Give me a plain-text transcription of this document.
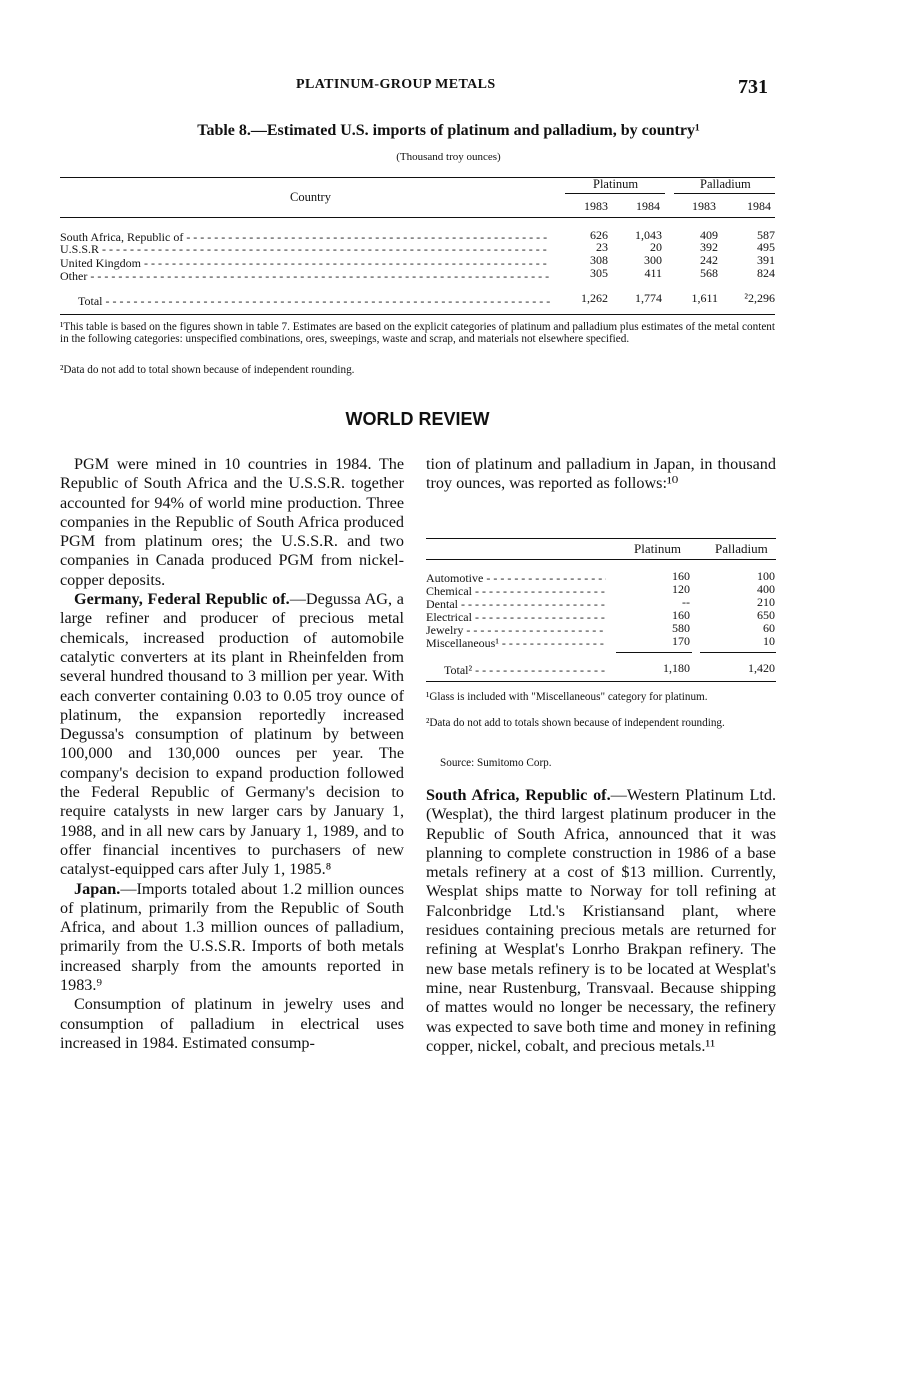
PLATINUM-GROUP METALS	731
Table 8.—Estimated U.S. imports of platinum and palladium, by country¹
(Thousand troy ounces)
Country
Platinum	Palladium
1983	1984	1983	1984
South Africa, Republic of - - -	626	1,043	409	587
U.S.S.R - - -	23	20	392	495
United Kingdom - - -	308	300	242	391
Other - - -	305	411	568	824
Total - - -	1,262	1,774	1,611	²2,296
¹This table is based on the figures shown in table 7. Estimates are based on the explicit categories of platinum and palladium plus estimates of the metal content in the following categories: unspecified combinations, ores, sweepings, waste and scrap, and materials not elsewhere specified.
²Data do not add to total shown because of independent rounding.
WORLD REVIEW

PGM were mined in 10 countries in 1984. The Republic of South Africa and the U.S.S.R. together accounted for 94% of world mine production. Three companies in the Republic of South Africa produced PGM from platinum ores; the U.S.S.R. and two companies in Canada produced PGM from nickel-copper deposits.

Germany, Federal Republic of.—Degussa AG, a large refiner and producer of precious metal chemicals, increased production of automobile catalytic converters at its plant in Rheinfelden from several hundred thousand to 3 million per year. With each converter containing 0.03 to 0.05 troy ounce of platinum, the expansion reportedly increased Degussa's consumption of platinum by between 100,000 and 130,000 ounces per year. The company's decision to expand production followed the Federal Republic of Germany's decision to require catalysts in new larger cars by January 1, 1988, and in all new cars by January 1, 1989, and to offer financial incentives to purchasers of new catalyst-equipped cars after July 1, 1985.⁸

Japan.—Imports totaled about 1.2 million ounces of platinum, primarily from the Republic of South Africa, and about 1.3 million ounces of palladium, primarily from the U.S.S.R. Imports of both metals increased sharply from the amounts reported in 1983.⁹

Consumption of platinum in jewelry uses and consumption of palladium in electrical uses increased in 1984. Estimated consump-

tion of platinum and palladium in Japan, in thousand troy ounces, was reported as follows:¹⁰

Platinum	Palladium
Automotive - - -	160	100
Chemical - - -	120	400
Dental - - -	--	210
Electrical - - -	160	650
Jewelry - - -	580	60
Miscellaneous¹ - - -	170	10
Total² - - -	1,180	1,420
¹Glass is included with "Miscellaneous" category for platinum.
²Data do not add to totals shown because of independent rounding.
Source: Sumitomo Corp.

South Africa, Republic of.—Western Platinum Ltd. (Wesplat), the third largest platinum producer in the Republic of South Africa, announced that it was planning to complete construction in 1986 of a base metals refinery at a cost of $13 million. Currently, Wesplat ships matte to Norway for toll refining at Falconbridge Ltd.'s Kristiansand plant, where residues containing precious metals are returned for refining at Wesplat's Lonrho Brakpan refinery. The new base metals refinery is to be located at Wesplat's mine, near Rustenburg, Transvaal. Because shipping of mattes would no longer be necessary, the refinery was expected to save both time and money in refining copper, nickel, cobalt, and precious metals.¹¹
